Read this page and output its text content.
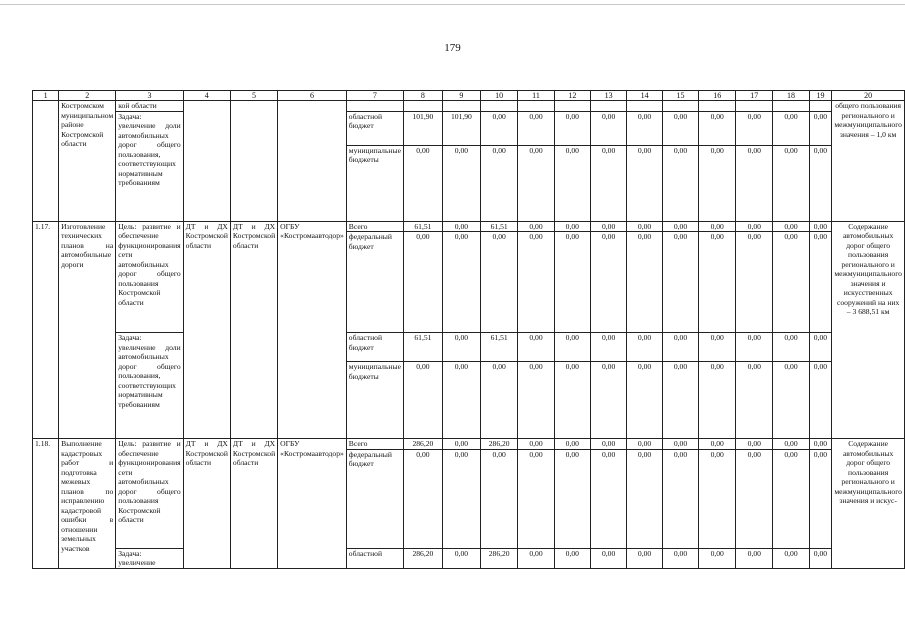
179
1	2	3	4	5	6	7	8	9	10	11	12	13	14	15	16	17	18	19	20
	Костромском муниципальном районе Костромской области	кой области																	общего пользования регионального и межмуниципального значения – 1,0 км
		Задача: увеличение доли автомобильных дорог общего пользования, соответствующих нормативным требованиям				областной бюджет	101,90	101,90	0,00	0,00	0,00	0,00	0,00	0,00	0,00	0,00	0,00	0,00	
						муниципальные бюджеты	0,00	0,00	0,00	0,00	0,00	0,00	0,00	0,00	0,00	0,00	0,00	0,00	
1.17.	Изготовление технических планов на автомобильные дороги	Цель: развитие и обеспечение функционирования сети автомобильных дорог общего пользования Костромской области	ДТ и ДХ Костромской области	ДТ и ДХ Костромской области	ОГБУ «Костромаавтодор»	Всего	61,51	0,00	61,51	0,00	0,00	0,00	0,00	0,00	0,00	0,00	0,00	0,00	Содержание автомобильных дорог общего пользования регионального и межмуниципального значения и искусственных сооружений на них – 3 688,51 км
						федеральный бюджет	0,00	0,00	0,00	0,00	0,00	0,00	0,00	0,00	0,00	0,00	0,00	0,00	
		Задача: увеличение доли автомобильных дорог общего пользования, соответствующих нормативным требованиям				областной бюджет	61,51	0,00	61,51	0,00	0,00	0,00	0,00	0,00	0,00	0,00	0,00	0,00	
						муниципальные бюджеты	0,00	0,00	0,00	0,00	0,00	0,00	0,00	0,00	0,00	0,00	0,00	0,00	
1.18.	Выполнение кадастровых работ и подготовка межевых планов по исправлению кадастровой ошибки в отношении земельных участков	Цель: развитие и обеспечение функционирования сети автомобильных дорог общего пользования Костромской области	ДТ и ДХ Костромской области	ДТ и ДХ Костромской области	ОГБУ «Костромаавтодор»	Всего	286,20	0,00	286,20	0,00	0,00	0,00	0,00	0,00	0,00	0,00	0,00	0,00	Содержание автомобильных дорог общего пользования регионального и межмуниципального значения и искус-
						федеральный бюджет	0,00	0,00	0,00	0,00	0,00	0,00	0,00	0,00	0,00	0,00	0,00	0,00	
		Задача: увеличение				областной	286,20	0,00	286,20	0,00	0,00	0,00	0,00	0,00	0,00	0,00	0,00	0,00	
